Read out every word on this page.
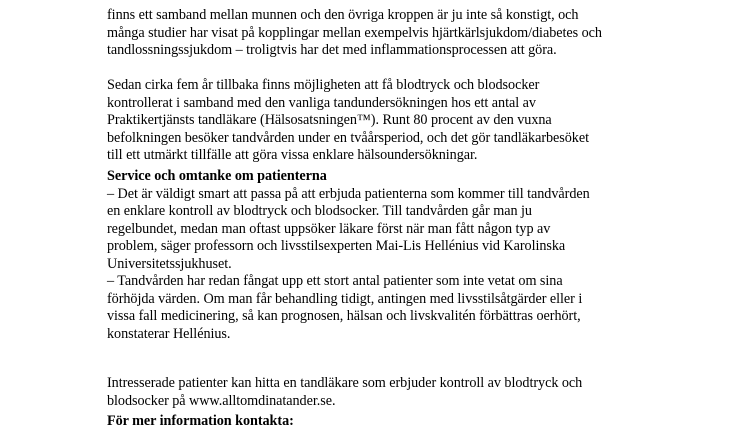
finns ett samband mellan munnen och den övriga kroppen är ju inte så konstigt, och
många studier har visat på kopplingar mellan exempelvis hjärtkärlsjukdom/diabetes och
tandlossningssjukdom – troligtvis har det med inflammationsprocessen att göra.

Sedan cirka fem år tillbaka finns möjligheten att få blodtryck och blodsocker
kontrollerat i samband med den vanliga tandundersökningen hos ett antal av
Praktikertjänsts tandläkare (Hälsosatsningen™). Runt 80 procent av den vuxna
befolkningen besöker tandvården under en tvåårsperiod, och det gör tandläkarbesöket
till ett utmärkt tillfälle att göra vissa enklare hälsoundersökningar.

Service och omtanke om patienterna
– Det är väldigt smart att passa på att erbjuda patienterna som kommer till tandvården
en enklare kontroll av blodtryck och blodsocker. Till tandvården går man ju
regelbundet, medan man oftast uppsöker läkare först när man fått någon typ av
problem, säger professorn och livsstilsexperten Mai-Lis Hellénius vid Karolinska
Universitetssjukhuset.
– Tandvården har redan fångat upp ett stort antal patienter som inte vetat om sina
förhöjda värden. Om man får behandling tidigt, antingen med livsstilsåtgärder eller i
vissa fall medicinering, så kan prognosen, hälsan och livskvalitén förbättras oerhört,
konstaterar Hellénius.

Intresserade patienter kan hitta en tandläkare som erbjuder kontroll av blodtryck och
blodsocker på www.alltomdinatander.se.

För mer information kontakta:
